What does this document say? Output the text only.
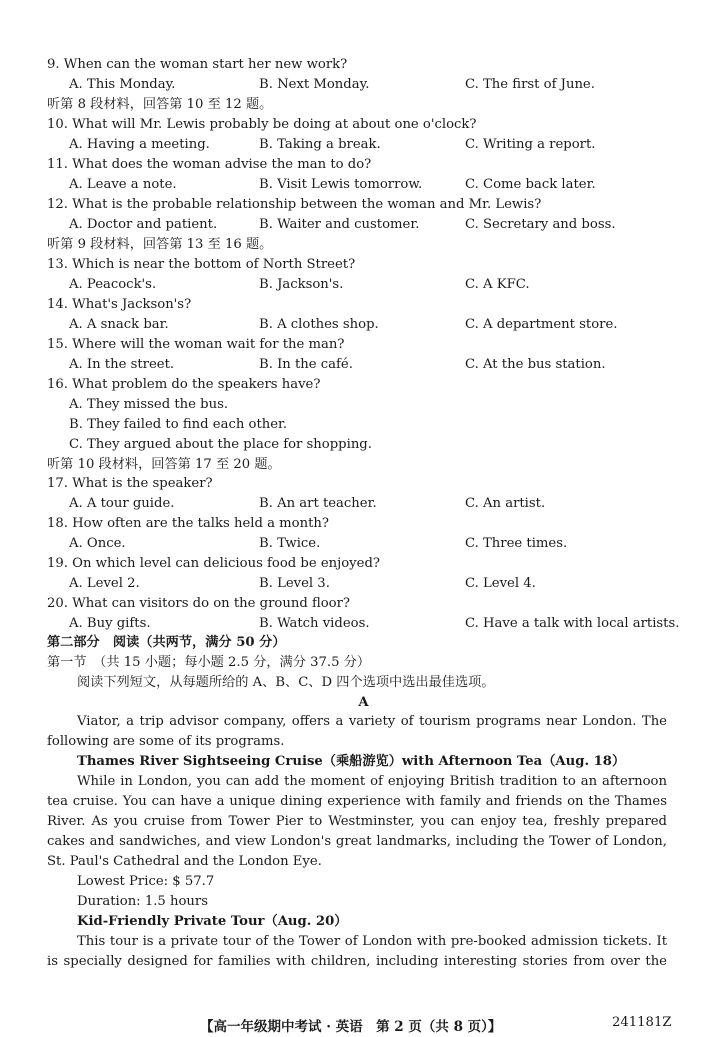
9. When can the woman start her new work?
A. This Monday.	B. Next Monday.	C. The first of June.
听第 8 段材料，回答第 10 至 12 题。
10. What will Mr. Lewis probably be doing at about one o'clock?
A. Having a meeting.	B. Taking a break.	C. Writing a report.
11. What does the woman advise the man to do?
A. Leave a note.	B. Visit Lewis tomorrow.	C. Come back later.
12. What is the probable relationship between the woman and Mr. Lewis?
A. Doctor and patient.	B. Waiter and customer.	C. Secretary and boss.
听第 9 段材料，回答第 13 至 16 题。
13. Which is near the bottom of North Street?
A. Peacock's.	B. Jackson's.	C. A KFC.
14. What's Jackson's?
A. A snack bar.	B. A clothes shop.	C. A department store.
15. Where will the woman wait for the man?
A. In the street.	B. In the café.	C. At the bus station.
16. What problem do the speakers have?
A. They missed the bus.
B. They failed to find each other.
C. They argued about the place for shopping.
听第 10 段材料，回答第 17 至 20 题。
17. What is the speaker?
A. A tour guide.	B. An art teacher.	C. An artist.
18. How often are the talks held a month?
A. Once.	B. Twice.	C. Three times.
19. On which level can delicious food be enjoyed?
A. Level 2.	B. Level 3.	C. Level 4.
20. What can visitors do on the ground floor?
A. Buy gifts.	B. Watch videos.	C. Have a talk with local artists.
第二部分　阅读（共两节，满分 50 分）
第一节　（共 15 小题；每小题 2.5 分，满分 37.5 分）
阅读下列短文，从每题所给的 A、B、C、D 四个选项中选出最佳选项。
A
Viator, a trip advisor company, offers a variety of tourism programs near London. The
following are some of its programs.
Thames River Sightseeing Cruise（乘船游览）with Afternoon Tea（Aug. 18）
While in London, you can add the moment of enjoying British tradition to an afternoon
tea cruise. You can have a unique dining experience with family and friends on the Thames
River. As you cruise from Tower Pier to Westminster, you can enjoy tea, freshly prepared
cakes and sandwiches, and view London's great landmarks, including the Tower of London,
St. Paul's Cathedral and the London Eye.
Lowest Price: $ 57.7
Duration: 1.5 hours
Kid-Friendly Private Tour（Aug. 20）
This tour is a private tour of the Tower of London with pre-booked admission tickets. It
is specially designed for families with children, including interesting stories from over the
【高一年级期中考试 · 英语　第 2 页（共 8 页）】	241181Z
